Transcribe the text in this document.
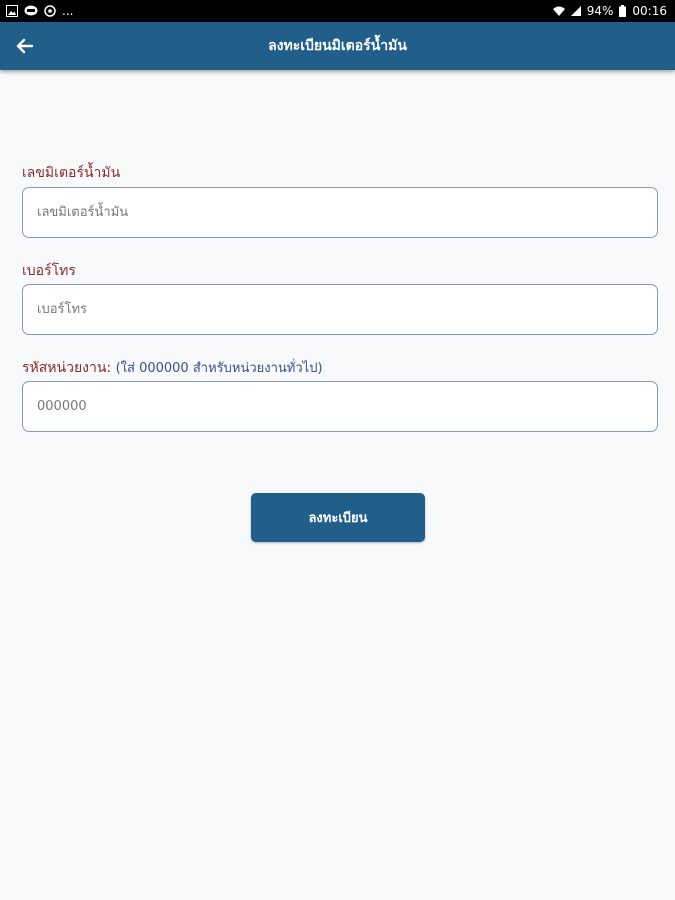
...	94% 00:16
ลงทะเบียนมิเตอร์น้ำมัน
เลขมิเตอร์น้ำมัน
เลขมิเตอร์น้ำมัน
เบอร์โทร
เบอร์โทร
รหัสหน่วยงาน: (ใส่ 000000 สำหรับหน่วยงานทั่วไป)
000000
ลงทะเบียน
